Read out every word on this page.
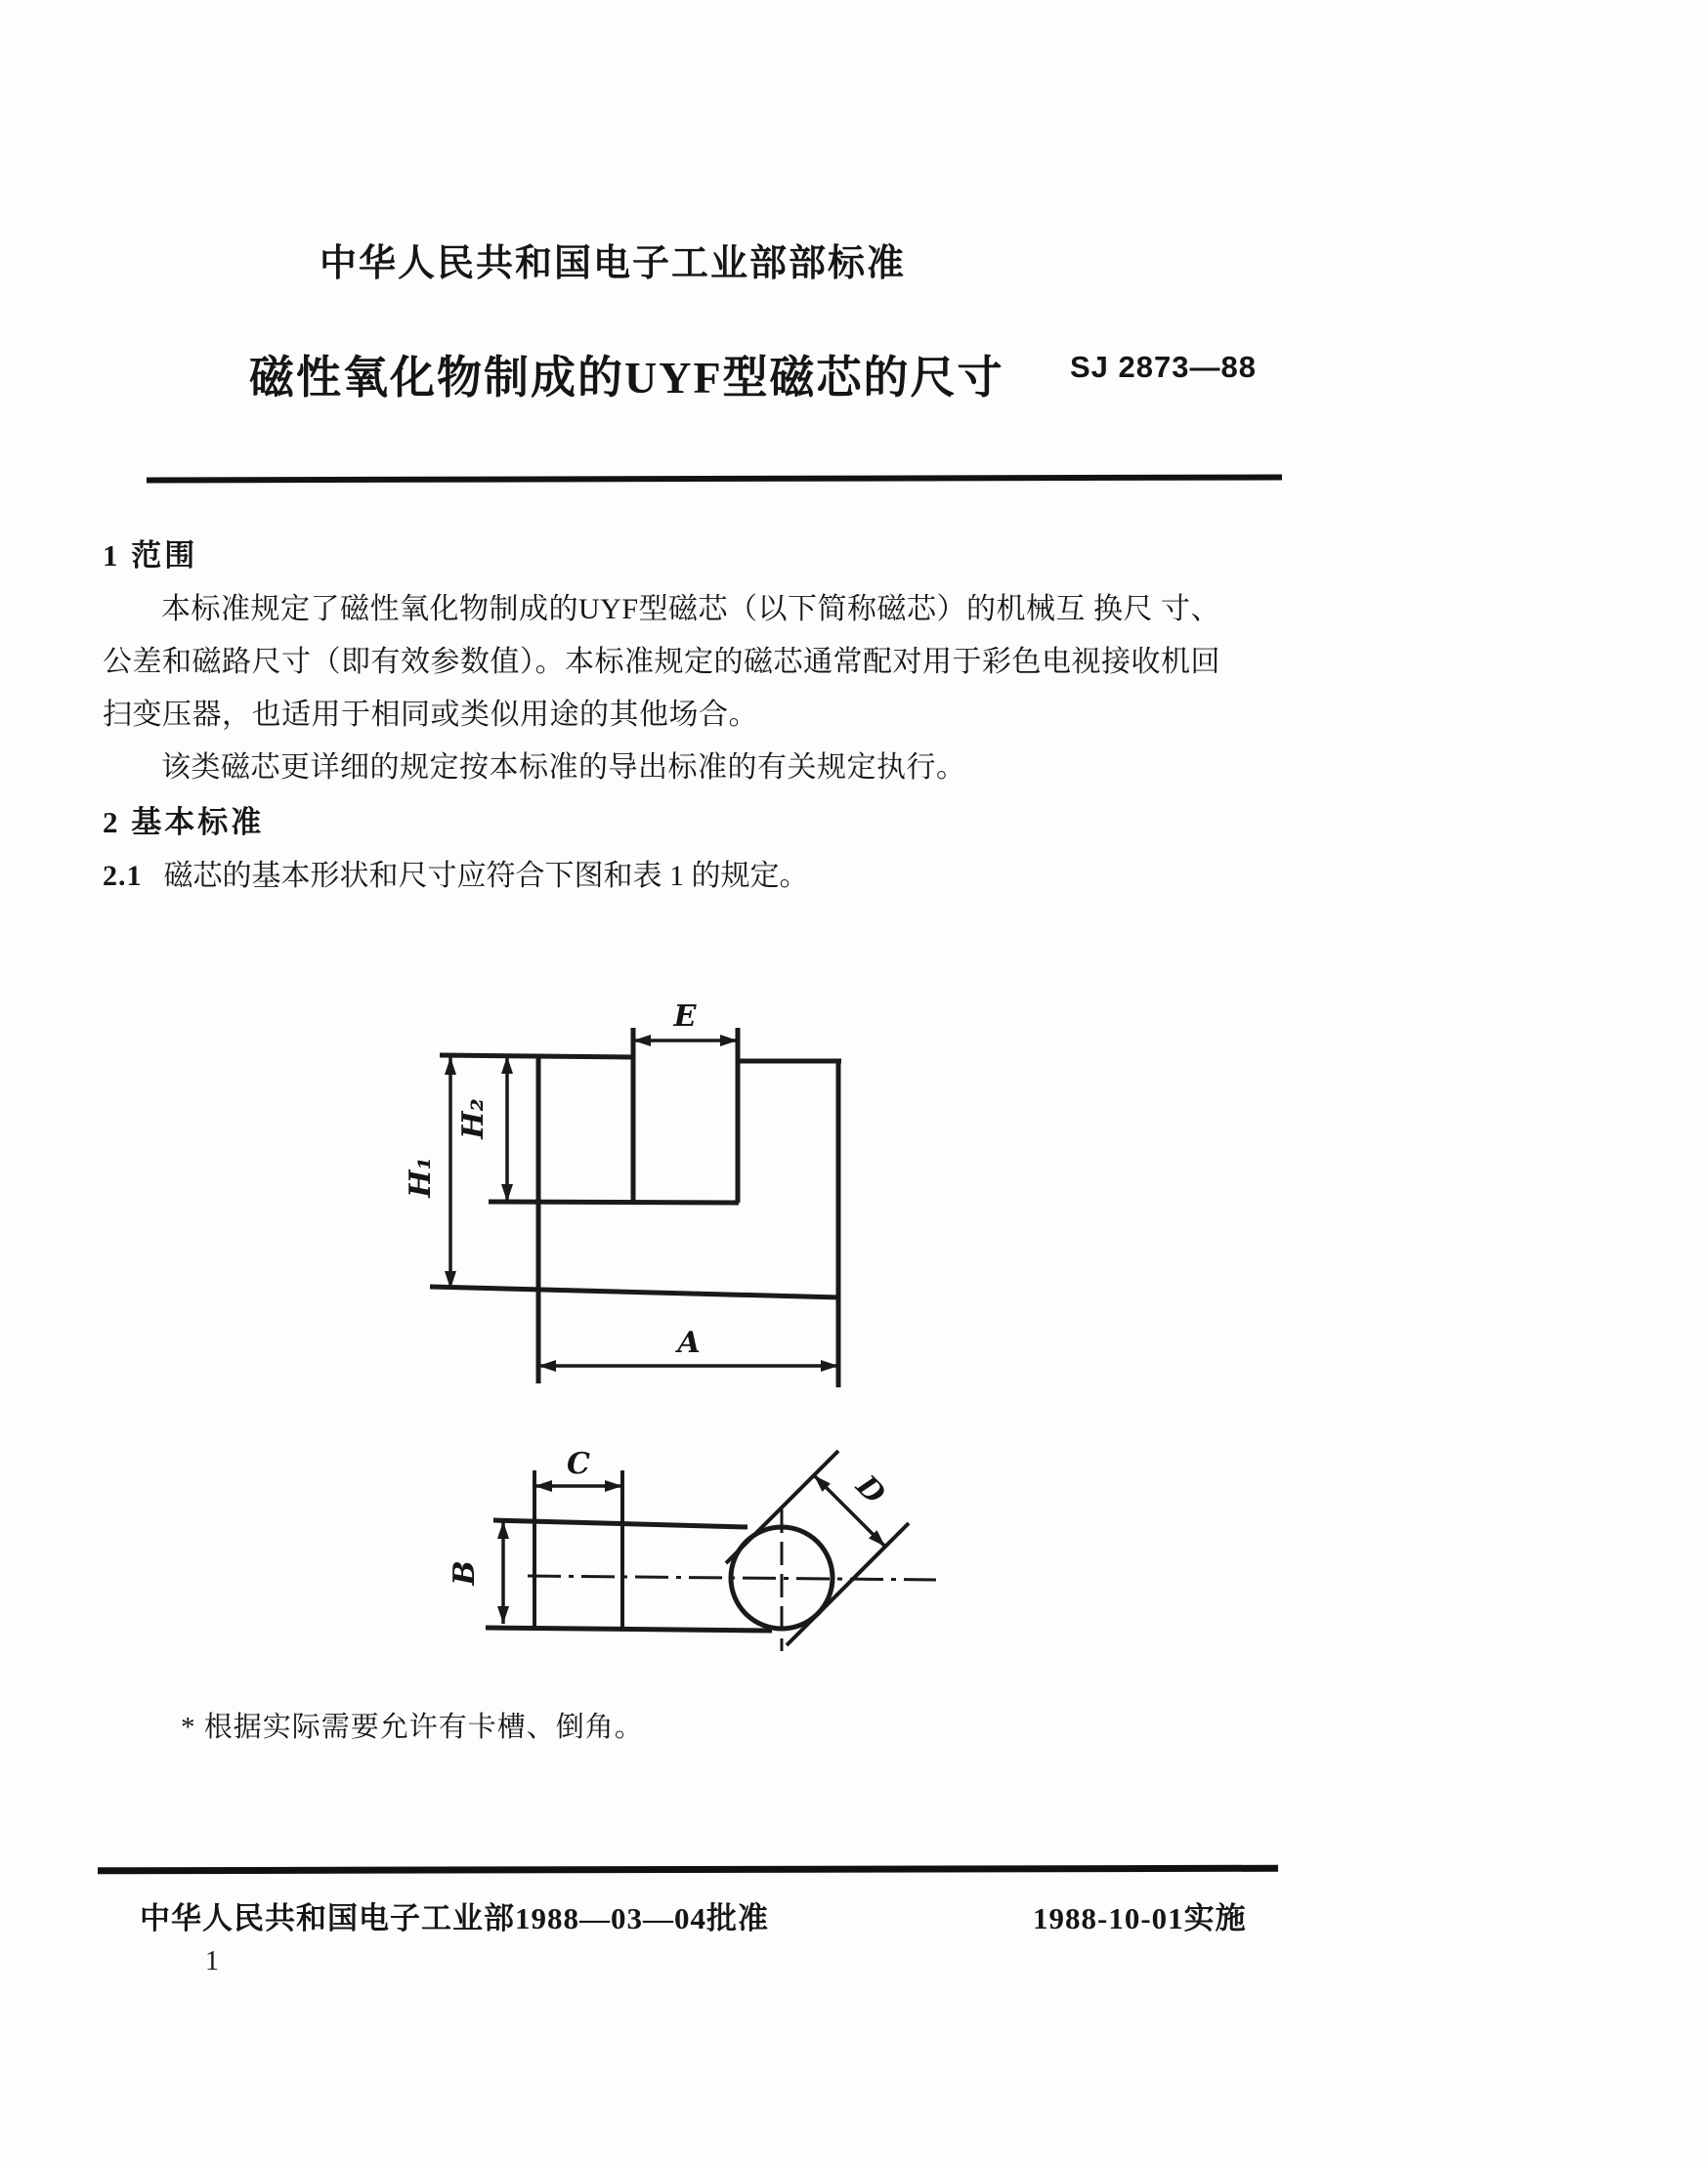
中华人民共和国电子工业部部标准
磁性氧化物制成的UYF型磁芯的尺寸 SJ 2873—88
1 范围
本标准规定了磁性氧化物制成的UYF型磁芯（以下简称磁芯）的机械互 换尺 寸、
公差和磁路尺寸（即有效参数值）。本标准规定的磁芯通常配对用于彩色电视接收机回
扫变压器，也适用于相同或类似用途的其他场合。
该类磁芯更详细的规定按本标准的导出标准的有关规定执行。
2 基本标准
2.1 磁芯的基本形状和尺寸应符合下图和表 1 的规定。
E
H₁
H₂
A
C
B
D
* 根据实际需要允许有卡槽、倒角。
中华人民共和国电子工业部1988—03—04批准	1988-10-01实施
1
